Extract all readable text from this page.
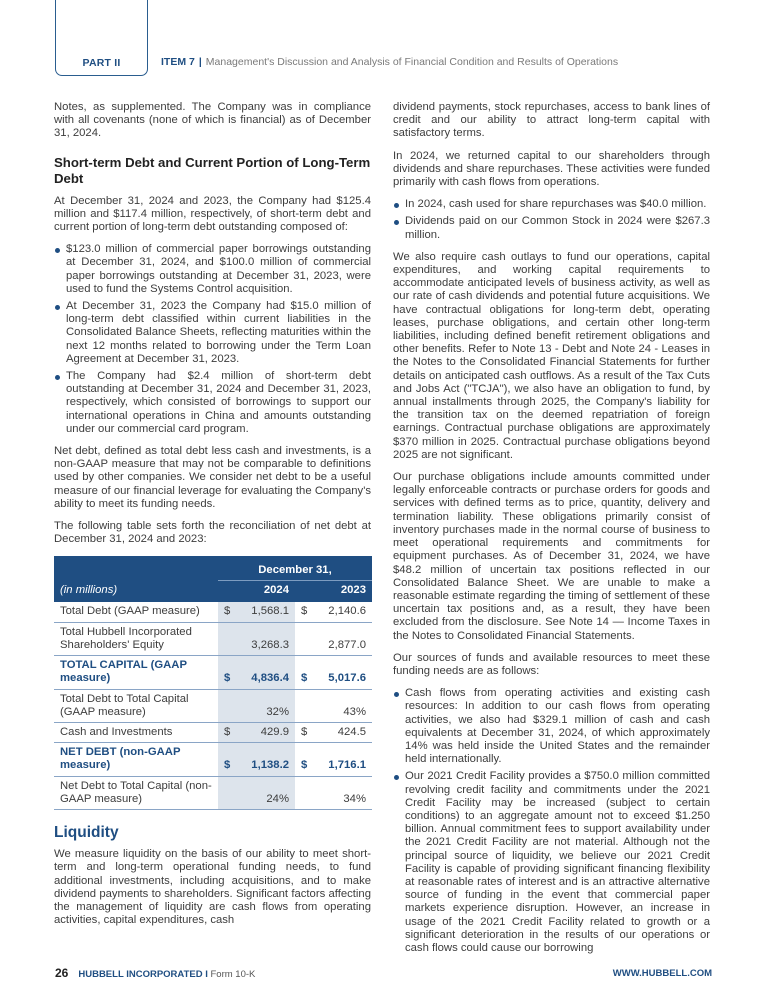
PART II	ITEM 7 | Management's Discussion and Analysis of Financial Condition and Results of Operations

Notes, as supplemented. The Company was in compliance with all covenants (none of which is financial) as of December 31, 2024.

Short-term Debt and Current Portion of Long-Term Debt

At December 31, 2024 and 2023, the Company had $125.4 million and $117.4 million, respectively, of short-term debt and current portion of long-term debt outstanding composed of:

$123.0 million of commercial paper borrowings outstanding at December 31, 2024, and $100.0 million of commercial paper borrowings outstanding at December 31, 2023, were used to fund the Systems Control acquisition.
At December 31, 2023 the Company had $15.0 million of long-term debt classified within current liabilities in the Consolidated Balance Sheets, reflecting maturities within the next 12 months related to borrowing under the Term Loan Agreement at December 31, 2023.
The Company had $2.4 million of short-term debt outstanding at December 31, 2024 and December 31, 2023, respectively, which consisted of borrowings to support our international operations in China and amounts outstanding under our commercial card program.

Net debt, defined as total debt less cash and investments, is a non-GAAP measure that may not be comparable to definitions used by other companies. We consider net debt to be a useful measure of our financial leverage for evaluating the Company's ability to meet its funding needs.

The following table sets forth the reconciliation of net debt at December 31, 2024 and 2023:

	December 31,	
(in millions)	2024	2023
Total Debt (GAAP measure)	$ 1,568.1	$ 2,140.6
Total Hubbell Incorporated Shareholders' Equity	3,268.3	2,877.0
TOTAL CAPITAL (GAAP measure)	$ 4,836.4	$ 5,017.6
Total Debt to Total Capital (GAAP measure)	32%	43%
Cash and Investments	$ 429.9	$ 424.5
NET DEBT (non-GAAP measure)	$ 1,138.2	$ 1,716.1
Net Debt to Total Capital (non-GAAP measure)	24%	34%
Liquidity

We measure liquidity on the basis of our ability to meet short-term and long-term operational funding needs, to fund additional investments, including acquisitions, and to make dividend payments to shareholders. Significant factors affecting the management of liquidity are cash flows from operating activities, capital expenditures, cash

dividend payments, stock repurchases, access to bank lines of credit and our ability to attract long-term capital with satisfactory terms.

In 2024, we returned capital to our shareholders through dividends and share repurchases. These activities were funded primarily with cash flows from operations.

In 2024, cash used for share repurchases was $40.0 million.
Dividends paid on our Common Stock in 2024 were $267.3 million.

We also require cash outlays to fund our operations, capital expenditures, and working capital requirements to accommodate anticipated levels of business activity, as well as our rate of cash dividends and potential future acquisitions. We have contractual obligations for long-term debt, operating leases, purchase obligations, and certain other long-term liabilities, including defined benefit retirement obligations and other benefits. Refer to Note 13 - Debt and Note 24 - Leases in the Notes to the Consolidated Financial Statements for further details on anticipated cash outflows. As a result of the Tax Cuts and Jobs Act ("TCJA"), we also have an obligation to fund, by annual installments through 2025, the Company's liability for the transition tax on the deemed repatriation of foreign earnings. Contractual purchase obligations are approximately $370 million in 2025. Contractual purchase obligations beyond 2025 are not significant.

Our purchase obligations include amounts committed under legally enforceable contracts or purchase orders for goods and services with defined terms as to price, quantity, delivery and termination liability. These obligations primarily consist of inventory purchases made in the normal course of business to meet operational requirements and commitments for equipment purchases. As of December 31, 2024, we have $48.2 million of uncertain tax positions reflected in our Consolidated Balance Sheet. We are unable to make a reasonable estimate regarding the timing of settlement of these uncertain tax positions and, as a result, they have been excluded from the disclosure. See Note 14 — Income Taxes in the Notes to Consolidated Financial Statements.

Our sources of funds and available resources to meet these funding needs are as follows:

Cash flows from operating activities and existing cash resources: In addition to our cash flows from operating activities, we also had $329.1 million of cash and cash equivalents at December 31, 2024, of which approximately 14% was held inside the United States and the remainder held internationally.
Our 2021 Credit Facility provides a $750.0 million committed revolving credit facility and commitments under the 2021 Credit Facility may be increased (subject to certain conditions) to an aggregate amount not to exceed $1.250 billion. Annual commitment fees to support availability under the 2021 Credit Facility are not material. Although not the principal source of liquidity, we believe our 2021 Credit Facility is capable of providing significant financing flexibility at reasonable rates of interest and is an attractive alternative source of funding in the event that commercial paper markets experience disruption. However, an increase in usage of the 2021 Credit Facility related to growth or a significant deterioration in the results of our operations or cash flows could cause our borrowing
26 HUBBELL INCORPORATED I Form 10-K	WWW.HUBBELL.COM
